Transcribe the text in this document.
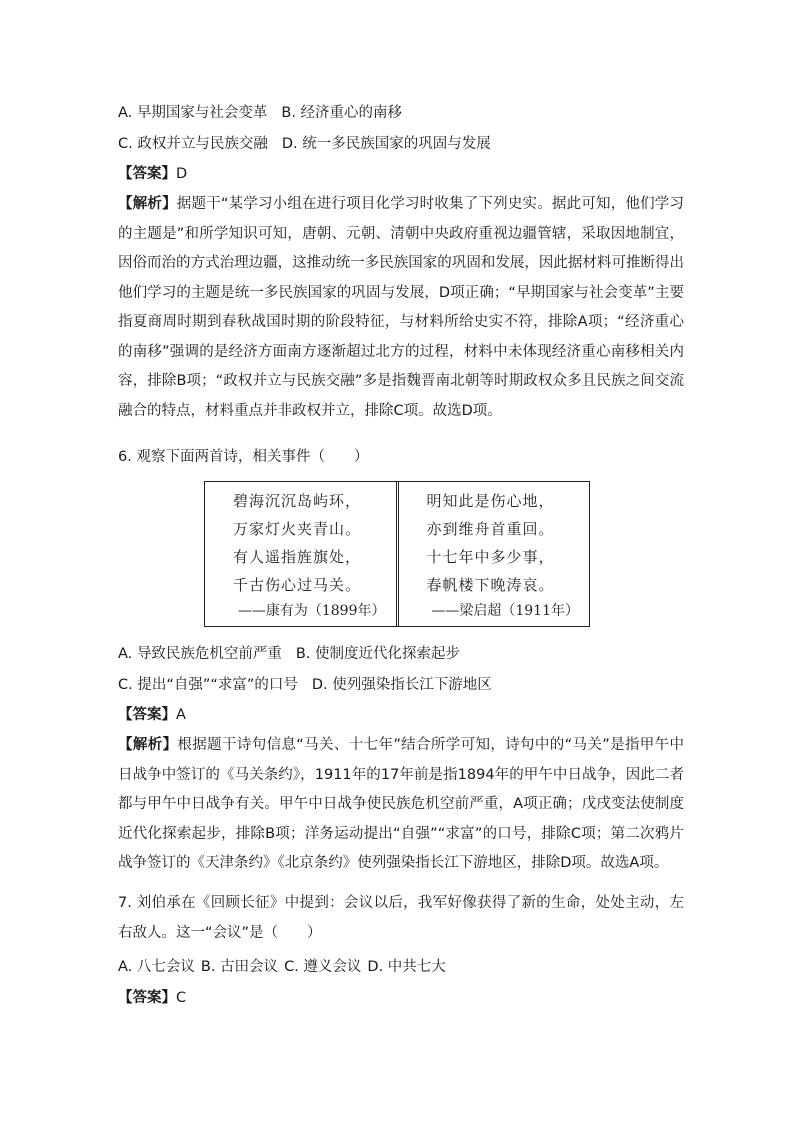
A. 早期国家与社会变革 B. 经济重心的南移
C. 政权并立与民族交融 D. 统一多民族国家的巩固与发展
【答案】D
【解析】据题干“某学习小组在进行项目化学习时收集了下列史实。据此可知，他们学习的主题是”和所学知识可知，唐朝、元朝、清朝中央政府重视边疆管辖，采取因地制宜，因俗而治的方式治理边疆，这推动统一多民族国家的巩固和发展，因此据材料可推断得出他们学习的主题是统一多民族国家的巩固与发展，D项正确；“早期国家与社会变革”主要指夏商周时期到春秋战国时期的阶段特征，与材料所给史实不符，排除A项；“经济重心的南移”强调的是经济方面南方逐渐超过北方的过程，材料中未体现经济重心南移相关内容，排除B项；“政权并立与民族交融”多是指魏晋南北朝等时期政权众多且民族之间交流融合的特点，材料重点并非政权并立，排除C项。故选D项。
6. 观察下面两首诗，相关事件（　　）
碧海沉沉岛屿环，
万家灯火夹青山。
有人遥指旌旗处，
千古伤心过马关。
——康有为（1899年）
明知此是伤心地，
亦到维舟首重回。
十七年中多少事，
春帆楼下晚涛哀。
——梁启超（1911年）
A. 导致民族危机空前严重 B. 使制度近代化探索起步
C. 提出“自强”“求富”的口号 D. 使列强染指长江下游地区
【答案】A
【解析】根据题干诗句信息“马关、十七年”结合所学可知，诗句中的“马关”是指甲午中日战争中签订的《马关条约》，1911年的17年前是指1894年的甲午中日战争，因此二者都与甲午中日战争有关。甲午中日战争使民族危机空前严重，A项正确；戊戌变法使制度近代化探索起步，排除B项；洋务运动提出“自强”“求富”的口号，排除C项；第二次鸦片战争签订的《天津条约》《北京条约》使列强染指长江下游地区，排除D项。故选A项。
7. 刘伯承在《回顾长征》中提到：会议以后，我军好像获得了新的生命，处处主动，左右敌人。这一“会议”是（　　）
A. 八七会议 B. 古田会议 C. 遵义会议 D. 中共七大
【答案】C
